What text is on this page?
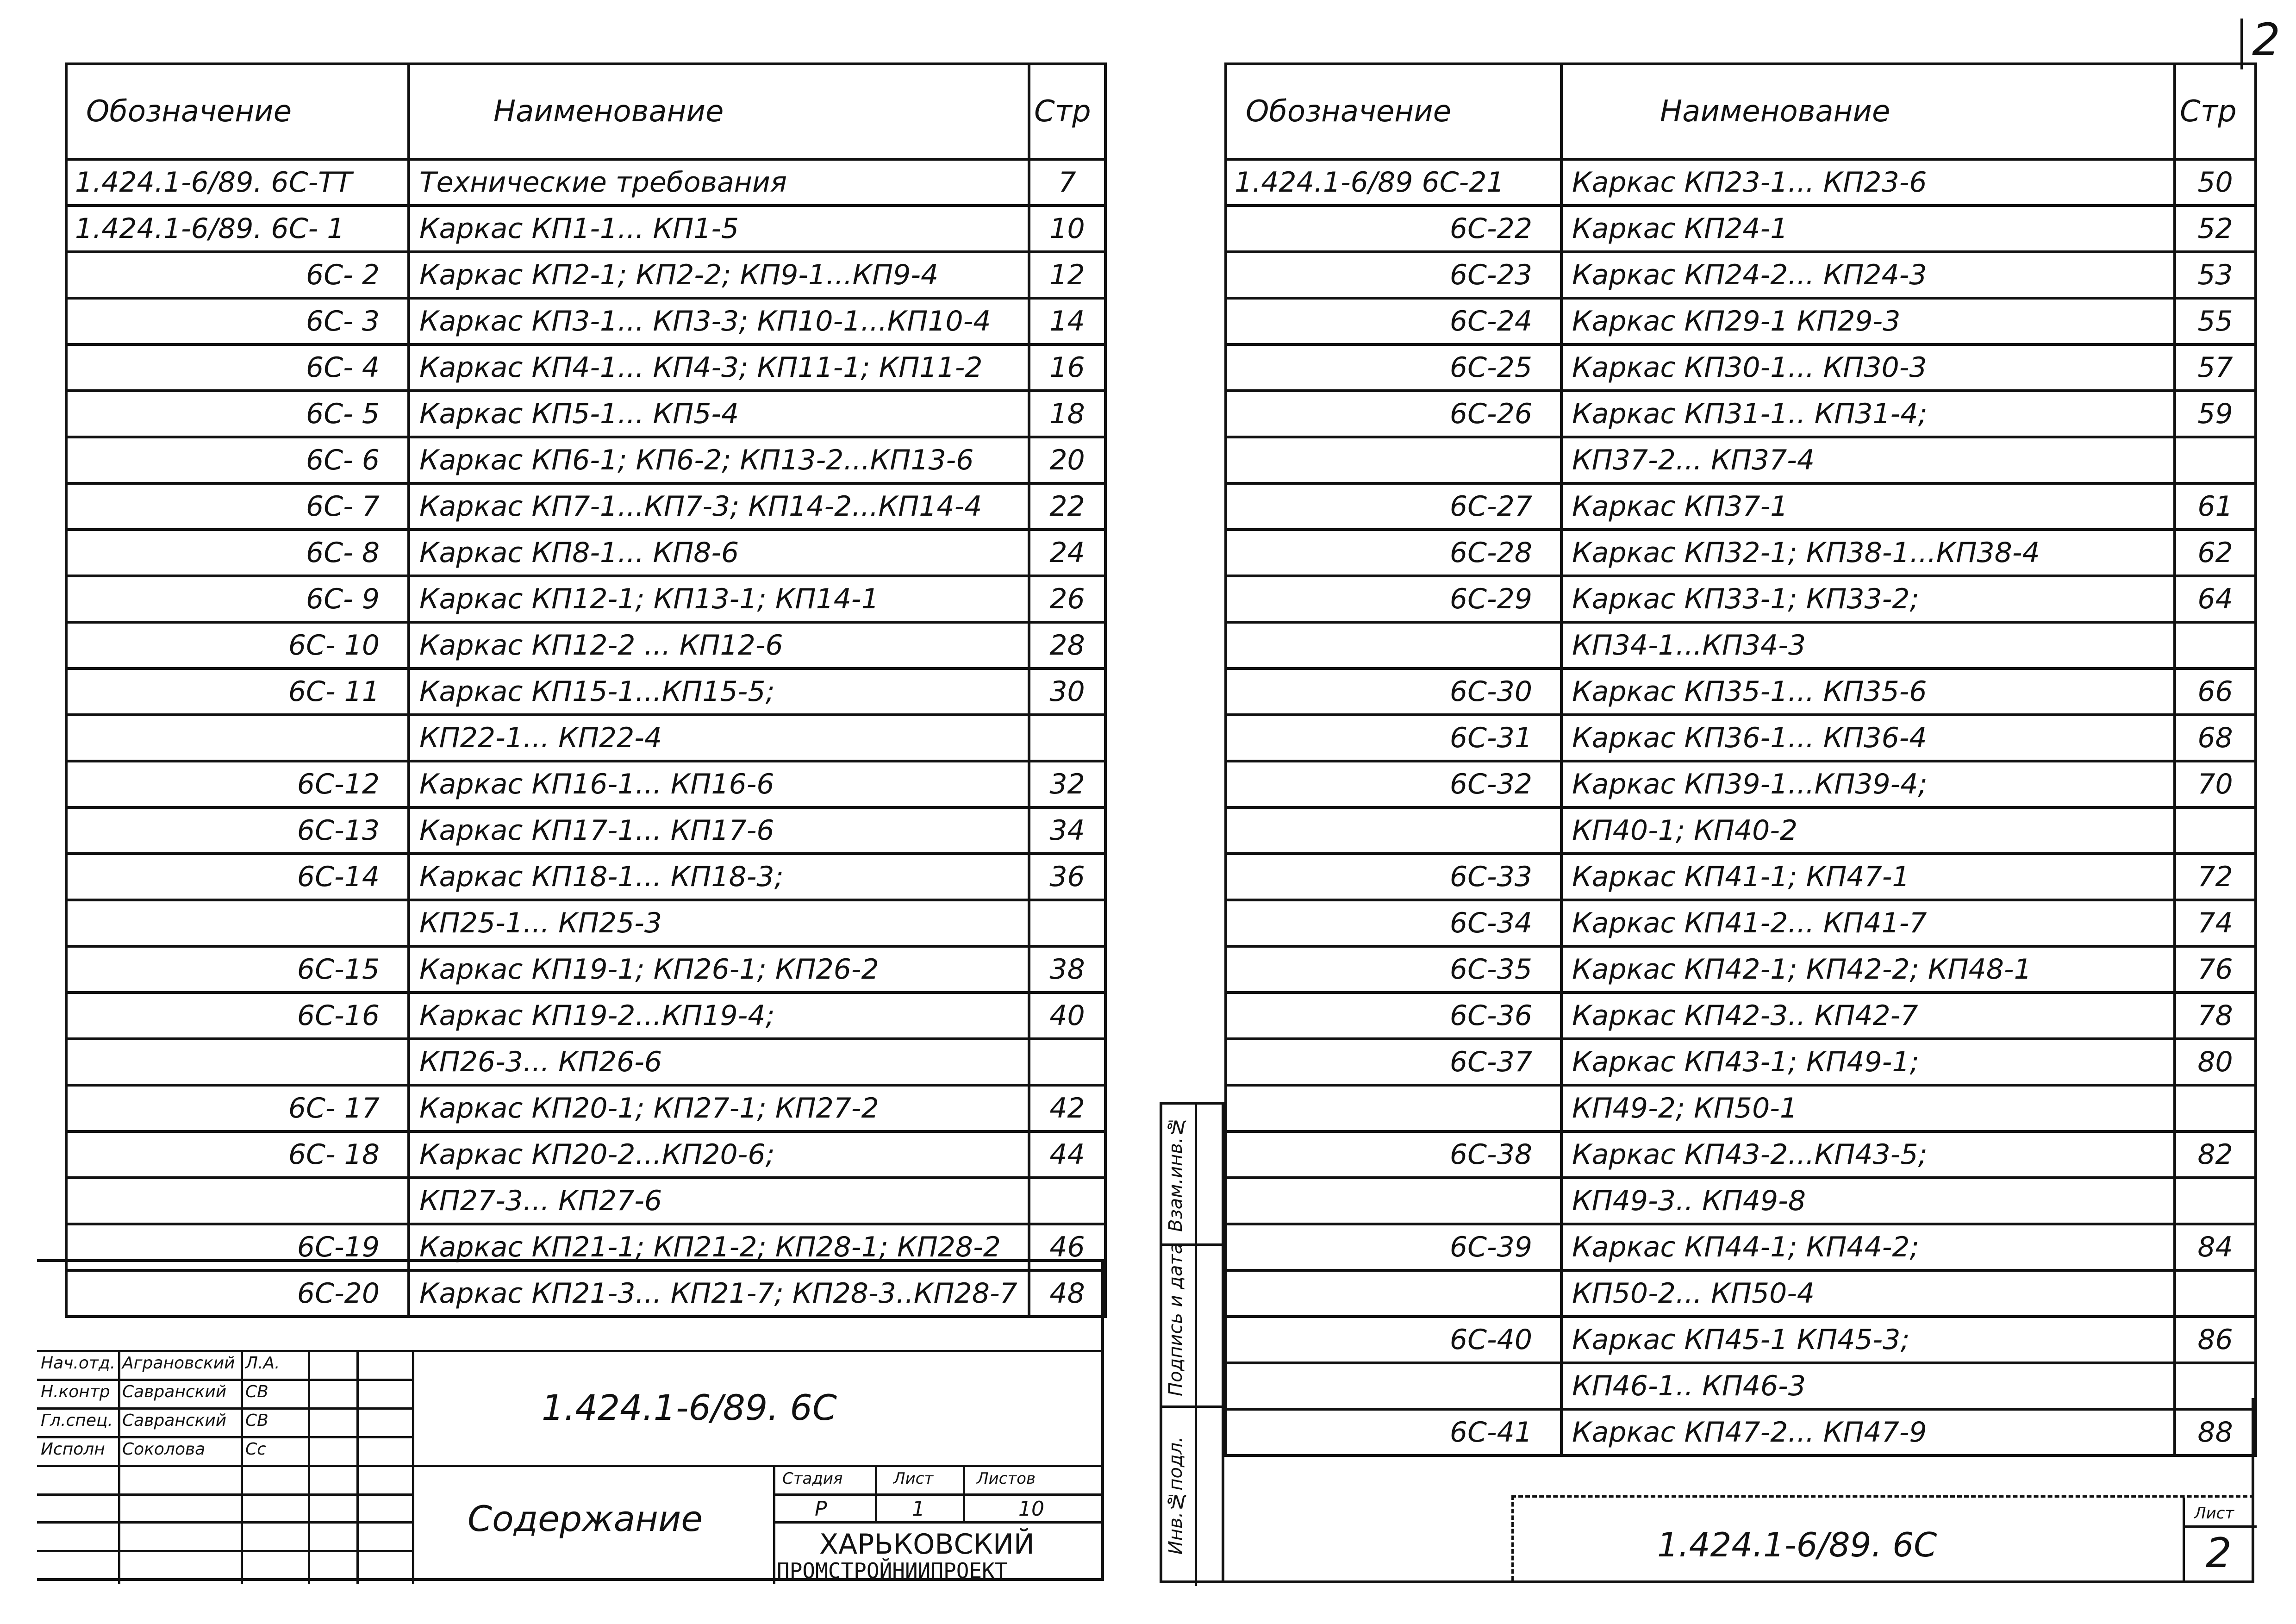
2
Обозначение	Наименование	Стр
1.424.1-6/89. 6С-ТТ	Технические требования	7
1.424.1-6/89. 6С- 1	Каркас КП1-1... КП1-5	10
6С- 2	Каркас КП2-1; КП2-2; КП9-1...КП9-4	12
6С- 3	Каркас КП3-1... КП3-3; КП10-1...КП10-4	14
6С- 4	Каркас КП4-1... КП4-3; КП11-1; КП11-2	16
6С- 5	Каркас КП5-1... КП5-4	18
6С- 6	Каркас КП6-1; КП6-2; КП13-2...КП13-6	20
6С- 7	Каркас КП7-1...КП7-3; КП14-2...КП14-4	22
6С- 8	Каркас КП8-1... КП8-6	24
6С- 9	Каркас КП12-1; КП13-1; КП14-1	26
6С- 10	Каркас КП12-2 ... КП12-6	28
6С- 11	Каркас КП15-1...КП15-5;	30
	КП22-1... КП22-4	
6С-12	Каркас КП16-1... КП16-6	32
6С-13	Каркас КП17-1... КП17-6	34
6С-14	Каркас КП18-1... КП18-3;	36
	КП25-1... КП25-3	
6С-15	Каркас КП19-1; КП26-1; КП26-2	38
6С-16	Каркас КП19-2...КП19-4;	40
	КП26-3... КП26-6	
6С- 17	Каркас КП20-1; КП27-1; КП27-2	42
6С- 18	Каркас КП20-2...КП20-6;	44
	КП27-3... КП27-6	
6С-19	Каркас КП21-1; КП21-2; КП28-1; КП28-2	46
6С-20	Каркас КП21-3... КП21-7; КП28-3..КП28-7	48
Нач.отд. Аграновский Л.А.
Н.контр Савранский СВ
Гл.спец. Савранский СВ
Исполн Соколова Сс
1.424.1-6/89. 6С
Содержание
Стадия
Р
Лист
1
Листов
10
ХАРЬКОВСКИЙ
ПРОМСТРОЙНИИПРОЕКТ
Обозначение	Наименование	Стр
1.424.1-6/89 6С-21	Каркас КП23-1... КП23-6	50
6С-22	Каркас КП24-1	52
6С-23	Каркас КП24-2... КП24-3	53
6С-24	Каркас КП29-1 КП29-3	55
6С-25	Каркас КП30-1... КП30-3	57
6С-26	Каркас КП31-1.. КП31-4;	59
	КП37-2... КП37-4	
6С-27	Каркас КП37-1	61
6С-28	Каркас КП32-1; КП38-1...КП38-4	62
6С-29	Каркас КП33-1; КП33-2;	64
	КП34-1...КП34-3	
6С-30	Каркас КП35-1... КП35-6	66
6С-31	Каркас КП36-1... КП36-4	68
6С-32	Каркас КП39-1...КП39-4;	70
	КП40-1; КП40-2	
6С-33	Каркас КП41-1; КП47-1	72
6С-34	Каркас КП41-2... КП41-7	74
6С-35	Каркас КП42-1; КП42-2; КП48-1	76
6С-36	Каркас КП42-3.. КП42-7	78
6С-37	Каркас КП43-1; КП49-1;	80
	КП49-2; КП50-1	
6С-38	Каркас КП43-2...КП43-5;	82
	КП49-3.. КП49-8	
6С-39	Каркас КП44-1; КП44-2;	84
	КП50-2... КП50-4	
6С-40	Каркас КП45-1 КП45-3;	86
	КП46-1.. КП46-3	
6С-41	Каркас КП47-2... КП47-9	88
Взам.инв.№
Подпись и дата
Инв.№подл.	1.424.1-6/89. 6С
Лист
2
